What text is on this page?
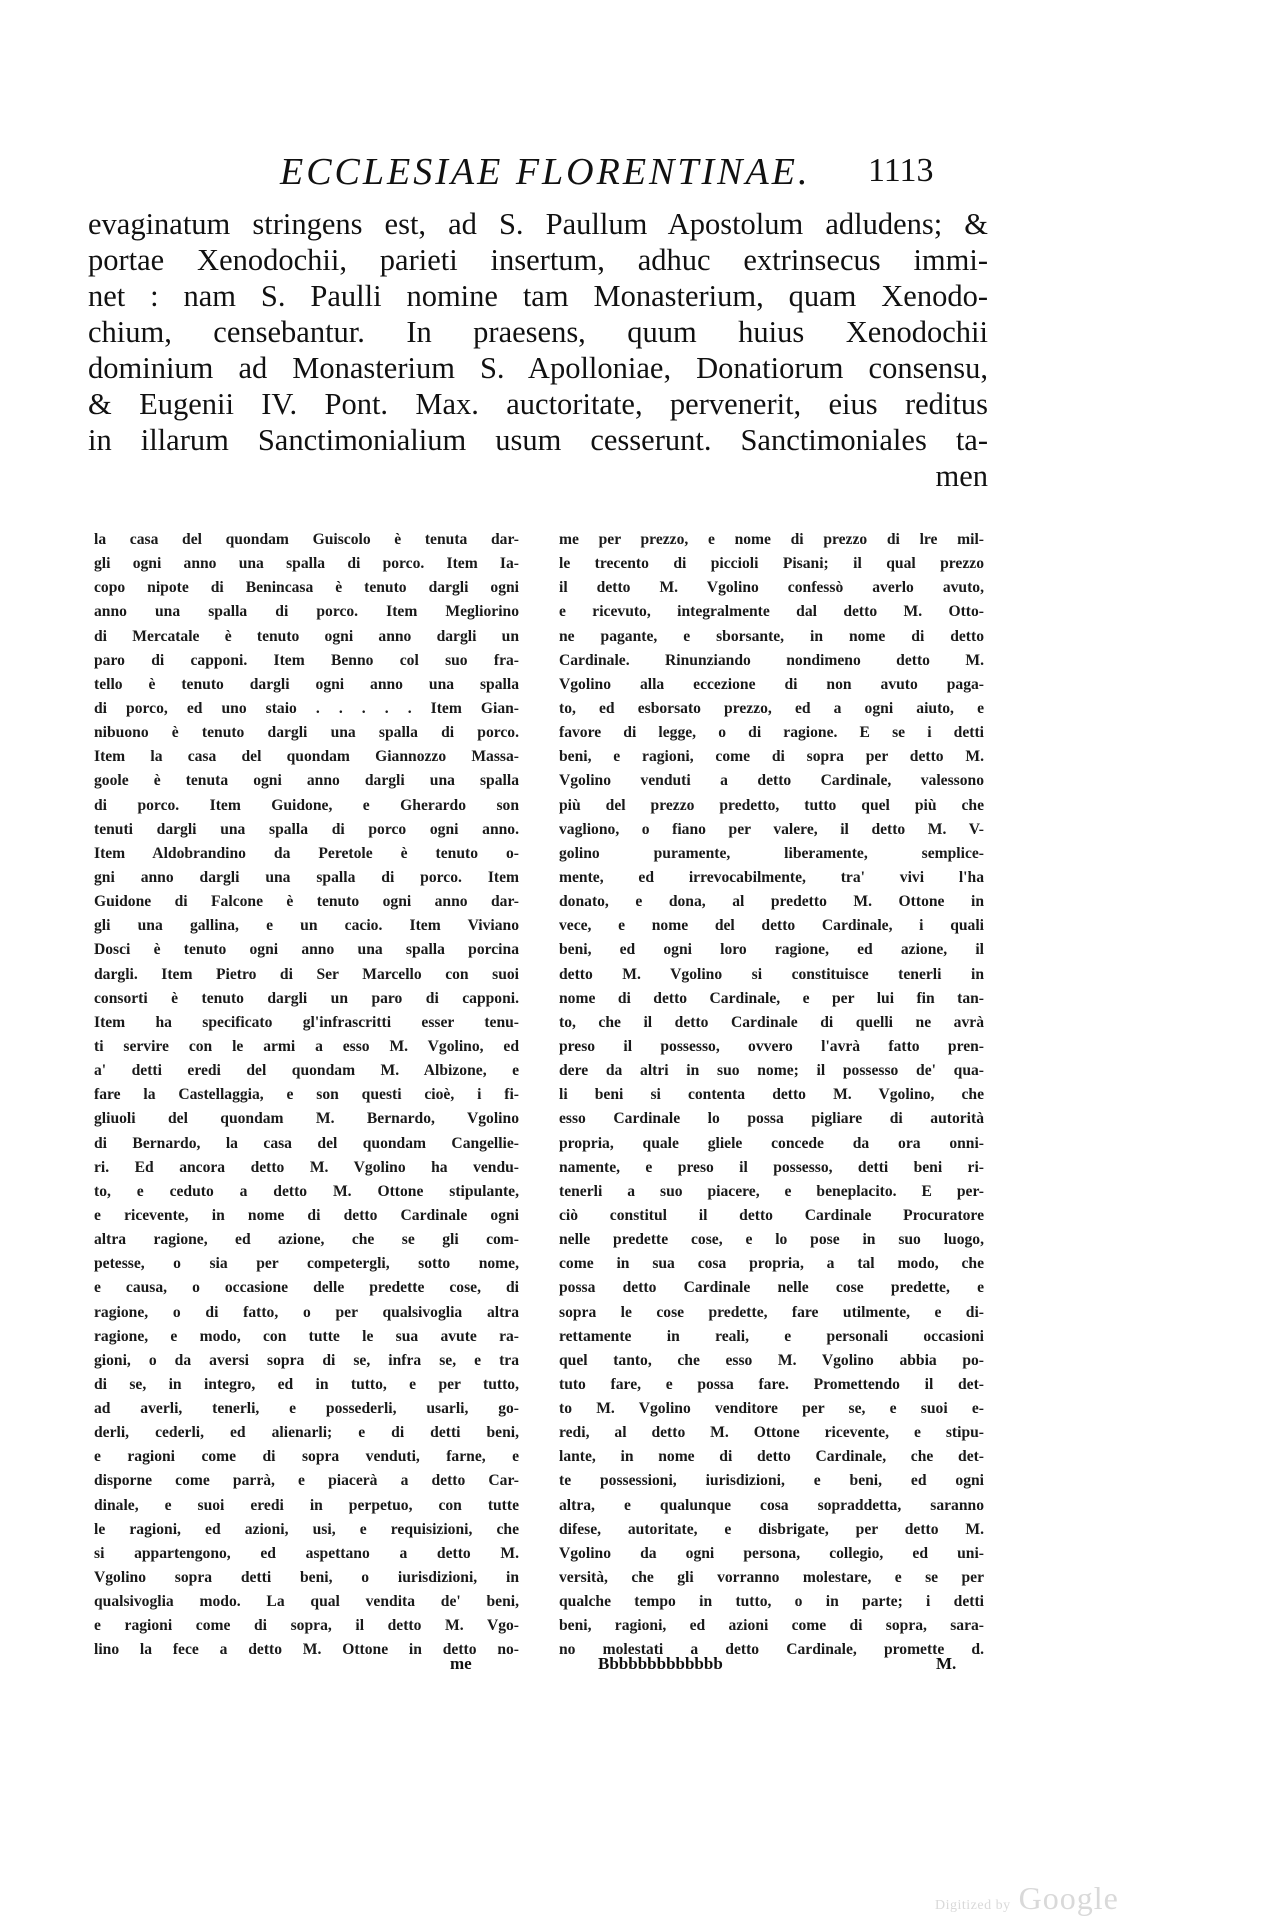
ECCLESIAE FLORENTINAE. 1113
evaginatum stringens est, ad S. Paullum Apostolum adludens; &
portae Xenodochii, parieti insertum, adhuc extrinsecus immi-
net : nam S. Paulli nomine tam Monasterium, quam Xenodo-
chium, censebantur. In praesens, quum huius Xenodochii
dominium ad Monasterium S. Apolloniae, Donatiorum consensu,
& Eugenii IV. Pont. Max. auctoritate, pervenerit, eius reditus
in illarum Sanctimonialium usum cesserunt. Sanctimoniales ta-
men
la casa del quondam Guiscolo è tenuta dar-
gli ogni anno una spalla di porco. Item Ia-
copo nipote di Benincasa è tenuto dargli ogni
anno una spalla di porco. Item Megliorino
di Mercatale è tenuto ogni anno dargli un
paro di capponi. Item Benno col suo fra-
tello è tenuto dargli ogni anno una spalla
di porco, ed uno staio . . . . . Item Gian-
nibuono è tenuto dargli una spalla di porco.
Item la casa del quondam Giannozzo Massa-
goole è tenuta ogni anno dargli una spalla
di porco. Item Guidone, e Gherardo son
tenuti dargli una spalla di porco ogni anno.
Item Aldobrandino da Peretole è tenuto o-
gni anno dargli una spalla di porco. Item
Guidone di Falcone è tenuto ogni anno dar-
gli una gallina, e un cacio. Item Viviano
Dosci è tenuto ogni anno una spalla porcina
dargli. Item Pietro di Ser Marcello con suoi
consorti è tenuto dargli un paro di capponi.
Item ha specificato gl'infrascritti esser tenu-
ti servire con le armi a esso M. Vgolino, ed
a' detti eredi del quondam M. Albizone, e
fare la Castellaggia, e son questi cioè, i fi-
gliuoli del quondam M. Bernardo, Vgolino
di Bernardo, la casa del quondam Cangellie-
ri. Ed ancora detto M. Vgolino ha vendu-
to, e ceduto a detto M. Ottone stipulante,
e ricevente, in nome di detto Cardinale ogni
altra ragione, ed azione, che se gli com-
petesse, o sia per competergli, sotto nome,
e causa, o occasione delle predette cose, di
ragione, o di fatto, o per qualsivoglia altra
ragione, e modo, con tutte le sua avute ra-
gioni, o da aversi sopra di se, infra se, e tra
di se, in integro, ed in tutto, e per tutto,
ad averli, tenerli, e possederli, usarli, go-
derli, cederli, ed alienarli; e di detti beni,
e ragioni come di sopra venduti, farne, e
disporne come parrà, e piacerà a detto Car-
dinale, e suoi eredi in perpetuo, con tutte
le ragioni, ed azioni, usi, e requisizioni, che
si appartengono, ed aspettano a detto M.
Vgolino sopra detti beni, o iurisdizioni, in
qualsivoglia modo. La qual vendita de' beni,
e ragioni come di sopra, il detto M. Vgo-
lino la fece a detto M. Ottone in detto no-
me per prezzo, e nome di prezzo di lre mil-
le trecento di piccioli Pisani; il qual prezzo
il detto M. Vgolino confessò averlo avuto,
e ricevuto, integralmente dal detto M. Otto-
ne pagante, e sborsante, in nome di detto
Cardinale. Rinunziando nondimeno detto M.
Vgolino alla eccezione di non avuto paga-
to, ed esborsato prezzo, ed a ogni aiuto, e
favore di legge, o di ragione. E se i detti
beni, e ragioni, come di sopra per detto M.
Vgolino venduti a detto Cardinale, valessono
più del prezzo predetto, tutto quel più che
vagliono, o fiano per valere, il detto M. V-
golino puramente, liberamente, semplice-
mente, ed irrevocabilmente, tra' vivi l'ha
donato, e dona, al predetto M. Ottone in
vece, e nome del detto Cardinale, i quali
beni, ed ogni loro ragione, ed azione, il
detto M. Vgolino si constituisce tenerli in
nome di detto Cardinale, e per lui fin tan-
to, che il detto Cardinale di quelli ne avrà
preso il possesso, ovvero l'avrà fatto pren-
dere da altri in suo nome; il possesso de' qua-
li beni si contenta detto M. Vgolino, che
esso Cardinale lo possa pigliare di autorità
propria, quale gliele concede da ora onni-
namente, e preso il possesso, detti beni ri-
tenerli a suo piacere, e beneplacito. E per-
ciò constitul il detto Cardinale Procuratore
nelle predette cose, e lo pose in suo luogo,
come in sua cosa propria, a tal modo, che
possa detto Cardinale nelle cose predette, e
sopra le cose predette, fare utilmente, e di-
rettamente in reali, e personali occasioni
quel tanto, che esso M. Vgolino abbia po-
tuto fare, e possa fare. Promettendo il det-
to M. Vgolino venditore per se, e suoi e-
redi, al detto M. Ottone ricevente, e stipu-
lante, in nome di detto Cardinale, che det-
te possessioni, iurisdizioni, e beni, ed ogni
altra, e qualunque cosa sopraddetta, saranno
difese, autoritate, e disbrigate, per detto M.
Vgolino da ogni persona, collegio, ed uni-
versità, che gli vorranno molestare, e se per
qualche tempo in tutto, o in parte; i detti
beni, ragioni, ed azioni come di sopra, sara-
no molestati a detto Cardinale, promette d.
me	Bbbbbbbbbbbbb	M.
Digitized by Google
